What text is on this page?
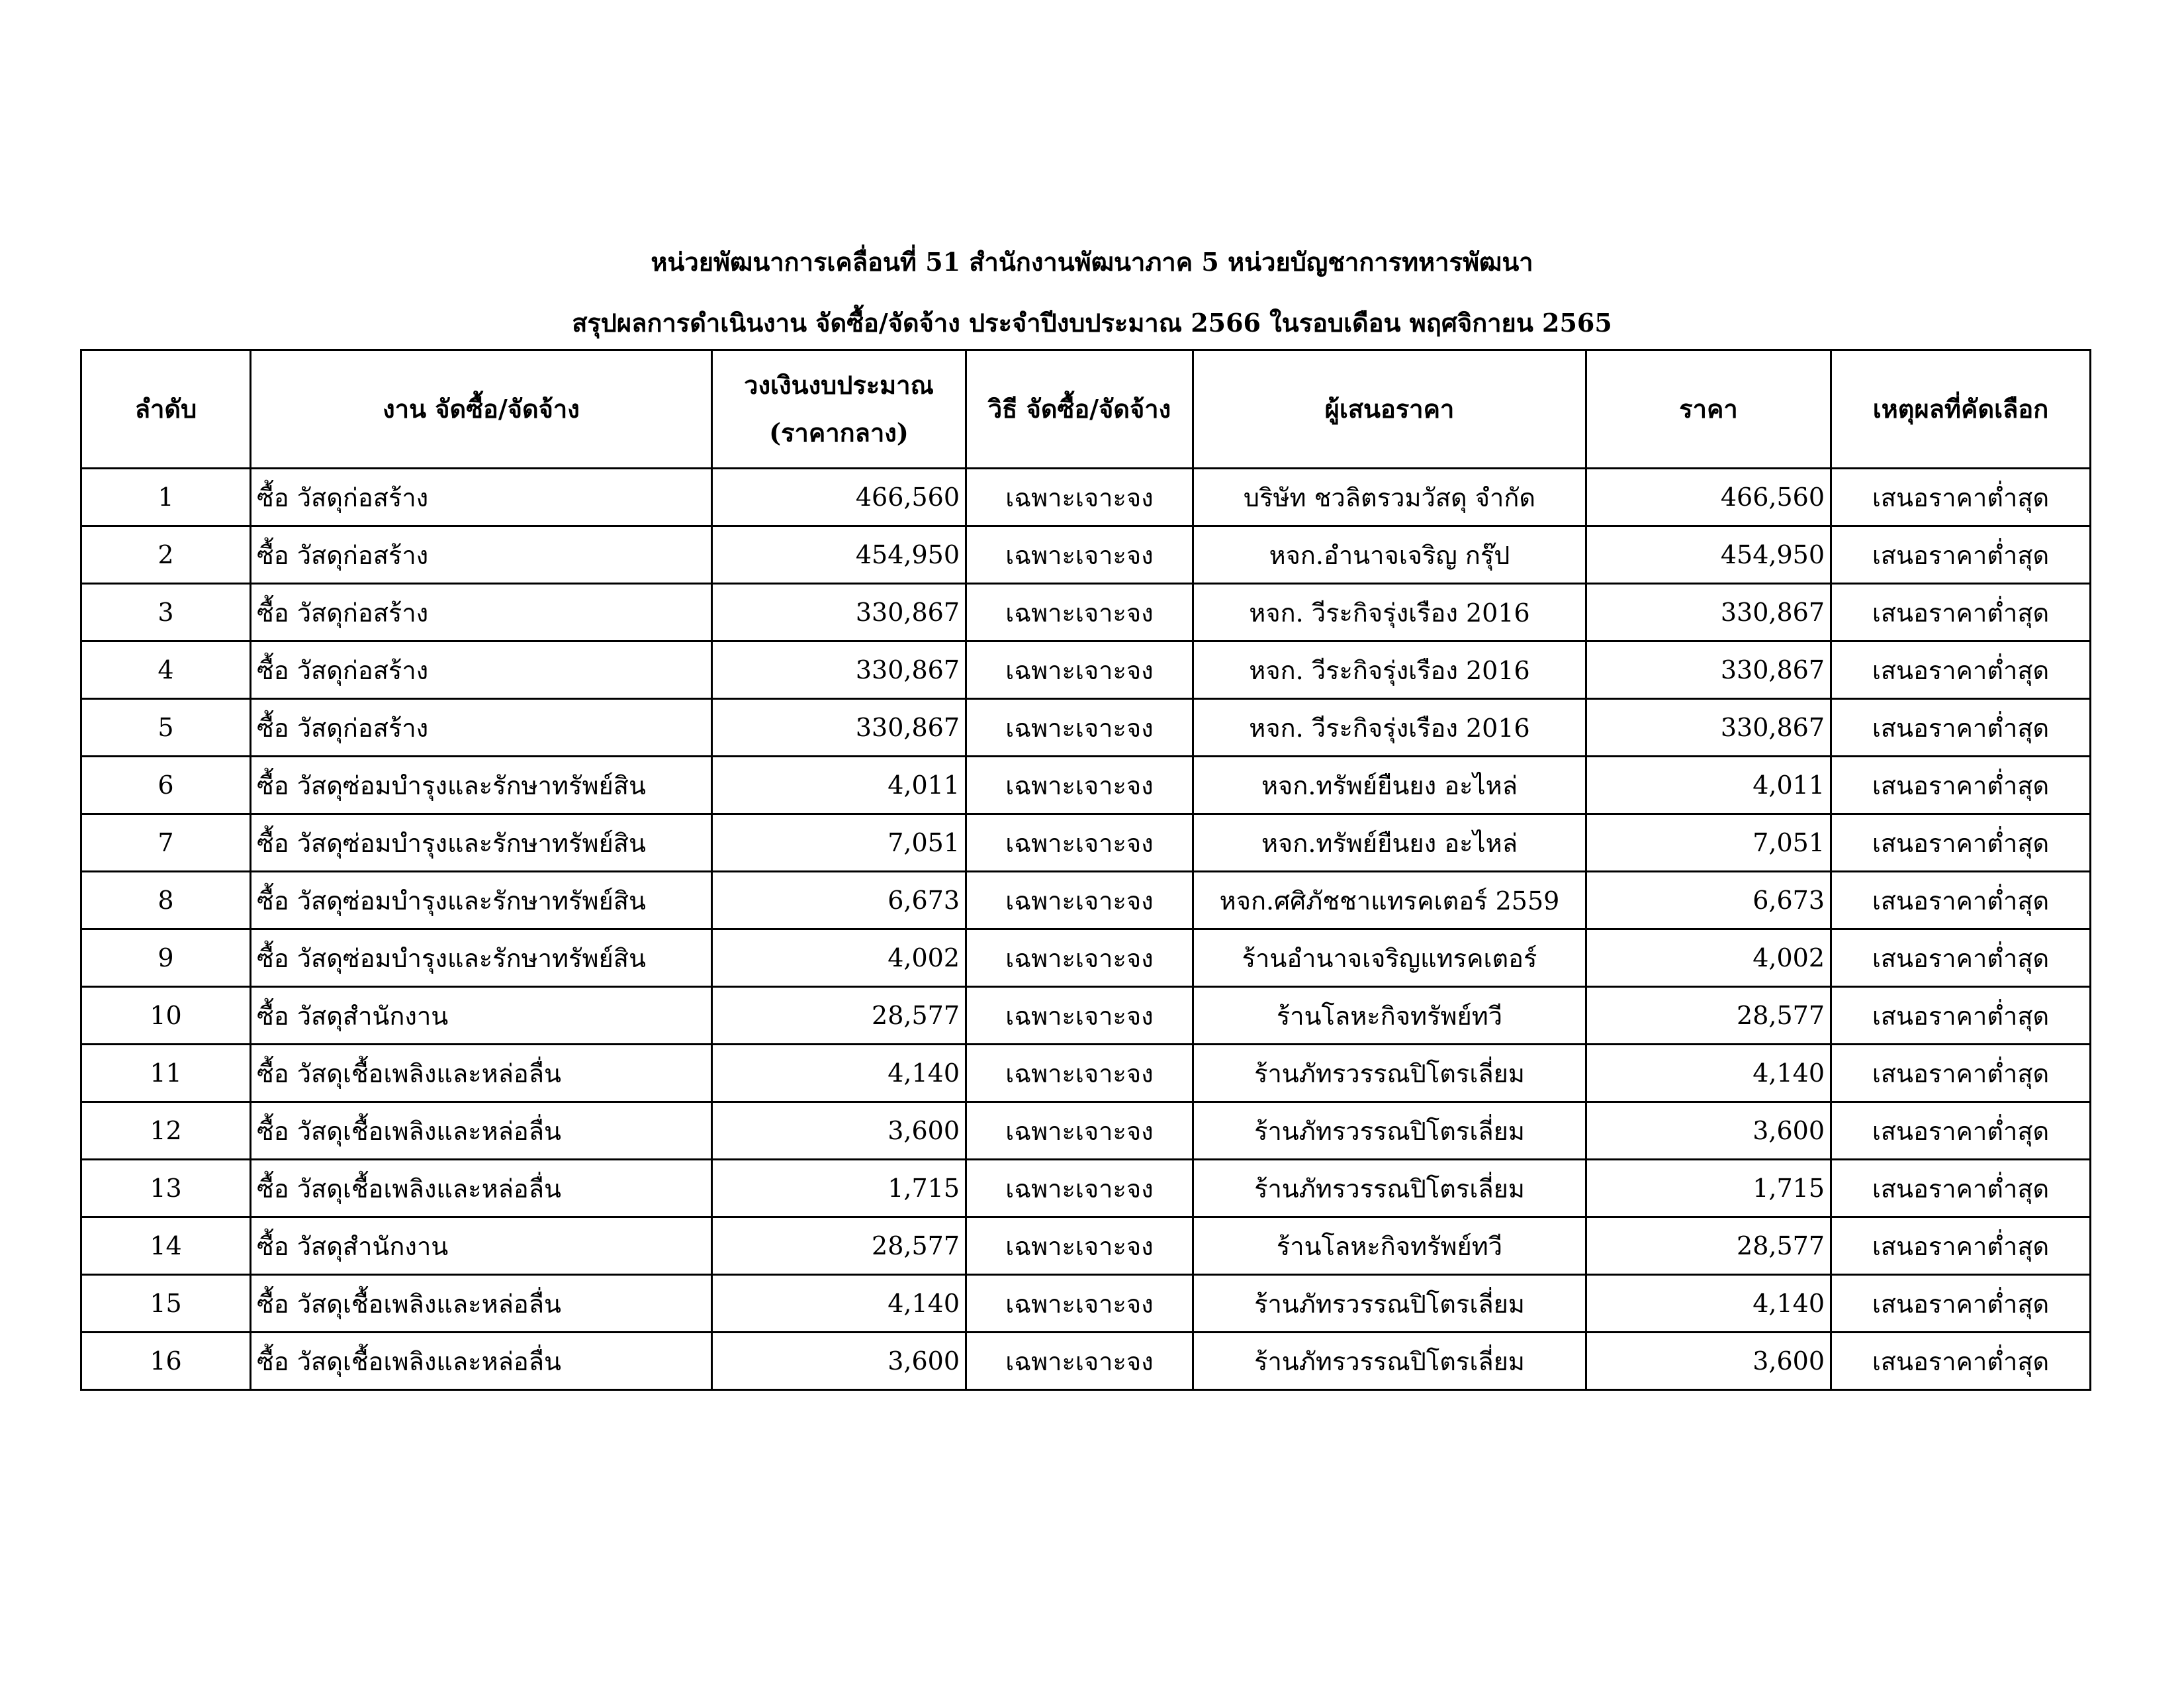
หน่วยพัฒนาการเคลื่อนที่ 51 สำนักงานพัฒนาภาค 5 หน่วยบัญชาการทหารพัฒนา
สรุปผลการดำเนินงาน จัดซื้อ/จัดจ้าง ประจำปีงบประมาณ 2566 ในรอบเดือน พฤศจิกายน 2565
ลำดับ	งาน จัดซื้อ/จัดจ้าง	วงเงินงบประมาณ
(ราคากลาง)	วิธี จัดซื้อ/จัดจ้าง	ผู้เสนอราคา	ราคา	เหตุผลที่คัดเลือก
1	ซื้อ วัสดุก่อสร้าง	466,560	เฉพาะเจาะจง	บริษัท ชวลิตรวมวัสดุ จำกัด	466,560	เสนอราคาต่ำสุด
2	ซื้อ วัสดุก่อสร้าง	454,950	เฉพาะเจาะจง	หจก.อำนาจเจริญ กรุ๊ป	454,950	เสนอราคาต่ำสุด
3	ซื้อ วัสดุก่อสร้าง	330,867	เฉพาะเจาะจง	หจก. วีระกิจรุ่งเรือง 2016	330,867	เสนอราคาต่ำสุด
4	ซื้อ วัสดุก่อสร้าง	330,867	เฉพาะเจาะจง	หจก. วีระกิจรุ่งเรือง 2016	330,867	เสนอราคาต่ำสุด
5	ซื้อ วัสดุก่อสร้าง	330,867	เฉพาะเจาะจง	หจก. วีระกิจรุ่งเรือง 2016	330,867	เสนอราคาต่ำสุด
6	ซื้อ วัสดุซ่อมบำรุงและรักษาทรัพย์สิน	4,011	เฉพาะเจาะจง	หจก.ทรัพย์ยืนยง อะไหล่	4,011	เสนอราคาต่ำสุด
7	ซื้อ วัสดุซ่อมบำรุงและรักษาทรัพย์สิน	7,051	เฉพาะเจาะจง	หจก.ทรัพย์ยืนยง อะไหล่	7,051	เสนอราคาต่ำสุด
8	ซื้อ วัสดุซ่อมบำรุงและรักษาทรัพย์สิน	6,673	เฉพาะเจาะจง	หจก.ศศิภัชชาแทรคเตอร์ 2559	6,673	เสนอราคาต่ำสุด
9	ซื้อ วัสดุซ่อมบำรุงและรักษาทรัพย์สิน	4,002	เฉพาะเจาะจง	ร้านอำนาจเจริญแทรคเตอร์	4,002	เสนอราคาต่ำสุด
10	ซื้อ วัสดุสำนักงาน	28,577	เฉพาะเจาะจง	ร้านโลหะกิจทรัพย์ทวี	28,577	เสนอราคาต่ำสุด
11	ซื้อ วัสดุเชื้อเพลิงและหล่อลื่น	4,140	เฉพาะเจาะจง	ร้านภัทรวรรณปิโตรเลี่ยม	4,140	เสนอราคาต่ำสุด
12	ซื้อ วัสดุเชื้อเพลิงและหล่อลื่น	3,600	เฉพาะเจาะจง	ร้านภัทรวรรณปิโตรเลี่ยม	3,600	เสนอราคาต่ำสุด
13	ซื้อ วัสดุเชื้อเพลิงและหล่อลื่น	1,715	เฉพาะเจาะจง	ร้านภัทรวรรณปิโตรเลี่ยม	1,715	เสนอราคาต่ำสุด
14	ซื้อ วัสดุสำนักงาน	28,577	เฉพาะเจาะจง	ร้านโลหะกิจทรัพย์ทวี	28,577	เสนอราคาต่ำสุด
15	ซื้อ วัสดุเชื้อเพลิงและหล่อลื่น	4,140	เฉพาะเจาะจง	ร้านภัทรวรรณปิโตรเลี่ยม	4,140	เสนอราคาต่ำสุด
16	ซื้อ วัสดุเชื้อเพลิงและหล่อลื่น	3,600	เฉพาะเจาะจง	ร้านภัทรวรรณปิโตรเลี่ยม	3,600	เสนอราคาต่ำสุด
